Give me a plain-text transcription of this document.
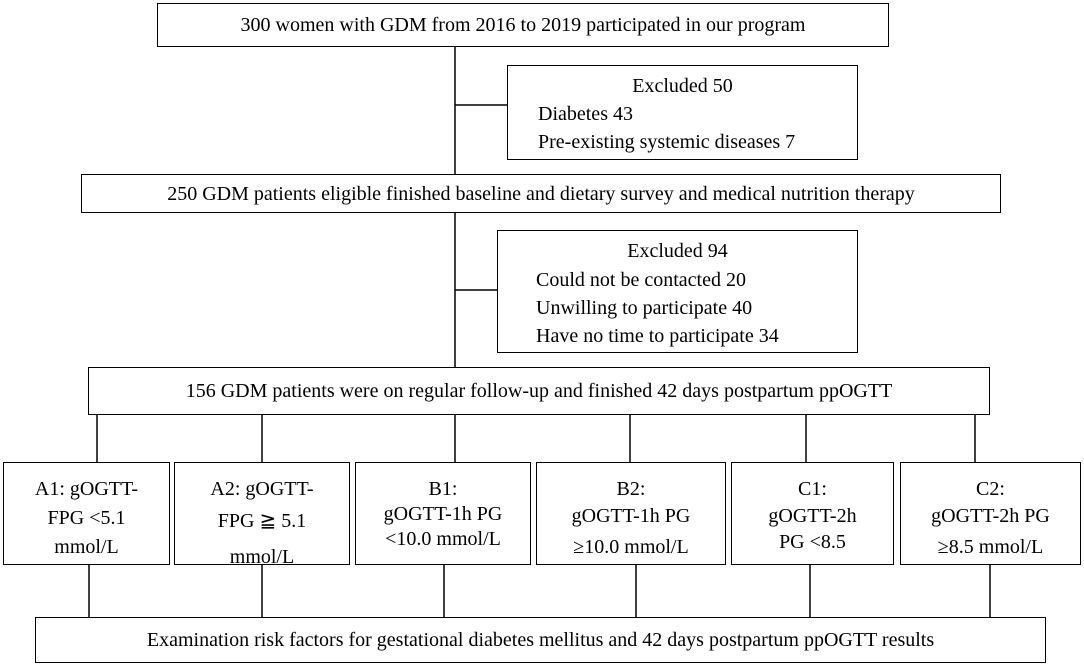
300 women with GDM from 2016 to 2019 participated in our program
Excluded 50
Diabetes 43
Pre-existing systemic diseases 7
250 GDM patients eligible finished baseline and dietary survey and medical nutrition therapy
Excluded 94
Could not be contacted 20
Unwilling to participate 40
Have no time to participate 34
156 GDM patients were on regular follow-up and finished 42 days postpartum ppOGTT
A1: gOGTT-
FPG <5.1
mmol/L
A2: gOGTT-
FPG ≧ 5.1
mmol/L
B1:
gOGTT-1h PG
<10.0 mmol/L
B2:
gOGTT-1h PG
≥10.0 mmol/L
C1:
gOGTT-2h
PG <8.5
C2:
gOGTT-2h PG
≥8.5 mmol/L
Examination risk factors for gestational diabetes mellitus and 42 days postpartum ppOGTT results
